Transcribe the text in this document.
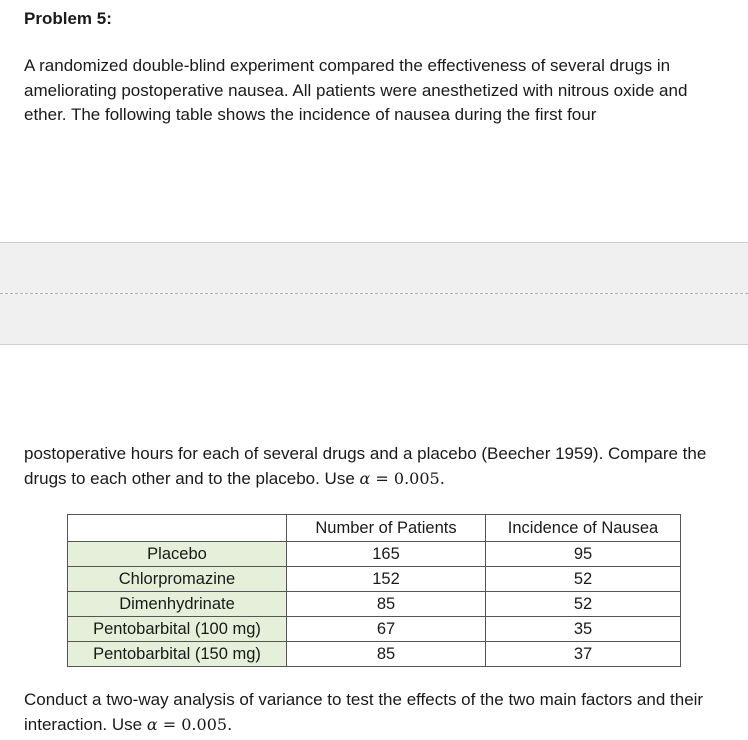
Problem 5:
A randomized double-blind experiment compared the effectiveness of several drugs in ameliorating postoperative nausea. All patients were anesthetized with nitrous oxide and ether. The following table shows the incidence of nausea during the first four
postoperative hours for each of several drugs and a placebo (Beecher 1959). Compare the drugs to each other and to the placebo. Use α = 0.005.
	Number of Patients	Incidence of Nausea
Placebo	165	95
Chlorpromazine	152	52
Dimenhydrinate	85	52
Pentobarbital (100 mg)	67	35
Pentobarbital (150 mg)	85	37
Conduct a two-way analysis of variance to test the effects of the two main factors and their interaction. Use α = 0.005.
